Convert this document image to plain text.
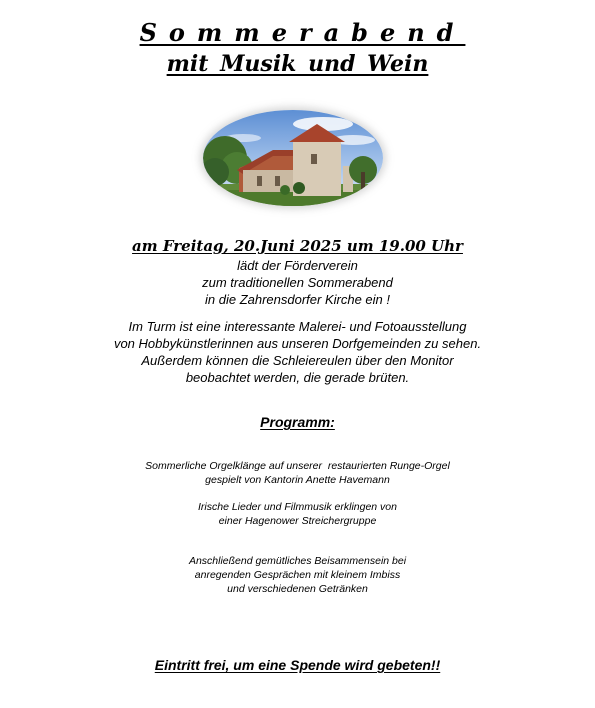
Sommerabend
mit Musik und Wein
am Freitag, 20.Juni 2025 um 19.00 Uhr
lädt der Förderverein
zum traditionellen Sommerabend
in die Zahrensdorfer Kirche ein !
Im Turm ist eine interessante Malerei- und Fotoausstellung
von Hobbykünstlerinnen aus unseren Dorfgemeinden zu sehen.
Außerdem können die Schleiereulen über den Monitor
beobachtet werden, die gerade brüten.
Programm:
Sommerliche Orgelklänge auf unserer  restaurierten Runge-Orgel
gespielt von Kantorin Anette Havemann
Irische Lieder und Filmmusik erklingen von
einer Hagenower Streichergruppe
Anschließend gemütliches Beisammensein bei
anregenden Gesprächen mit kleinem Imbiss
und verschiedenen Getränken
Eintritt frei, um eine Spende wird gebeten!!
